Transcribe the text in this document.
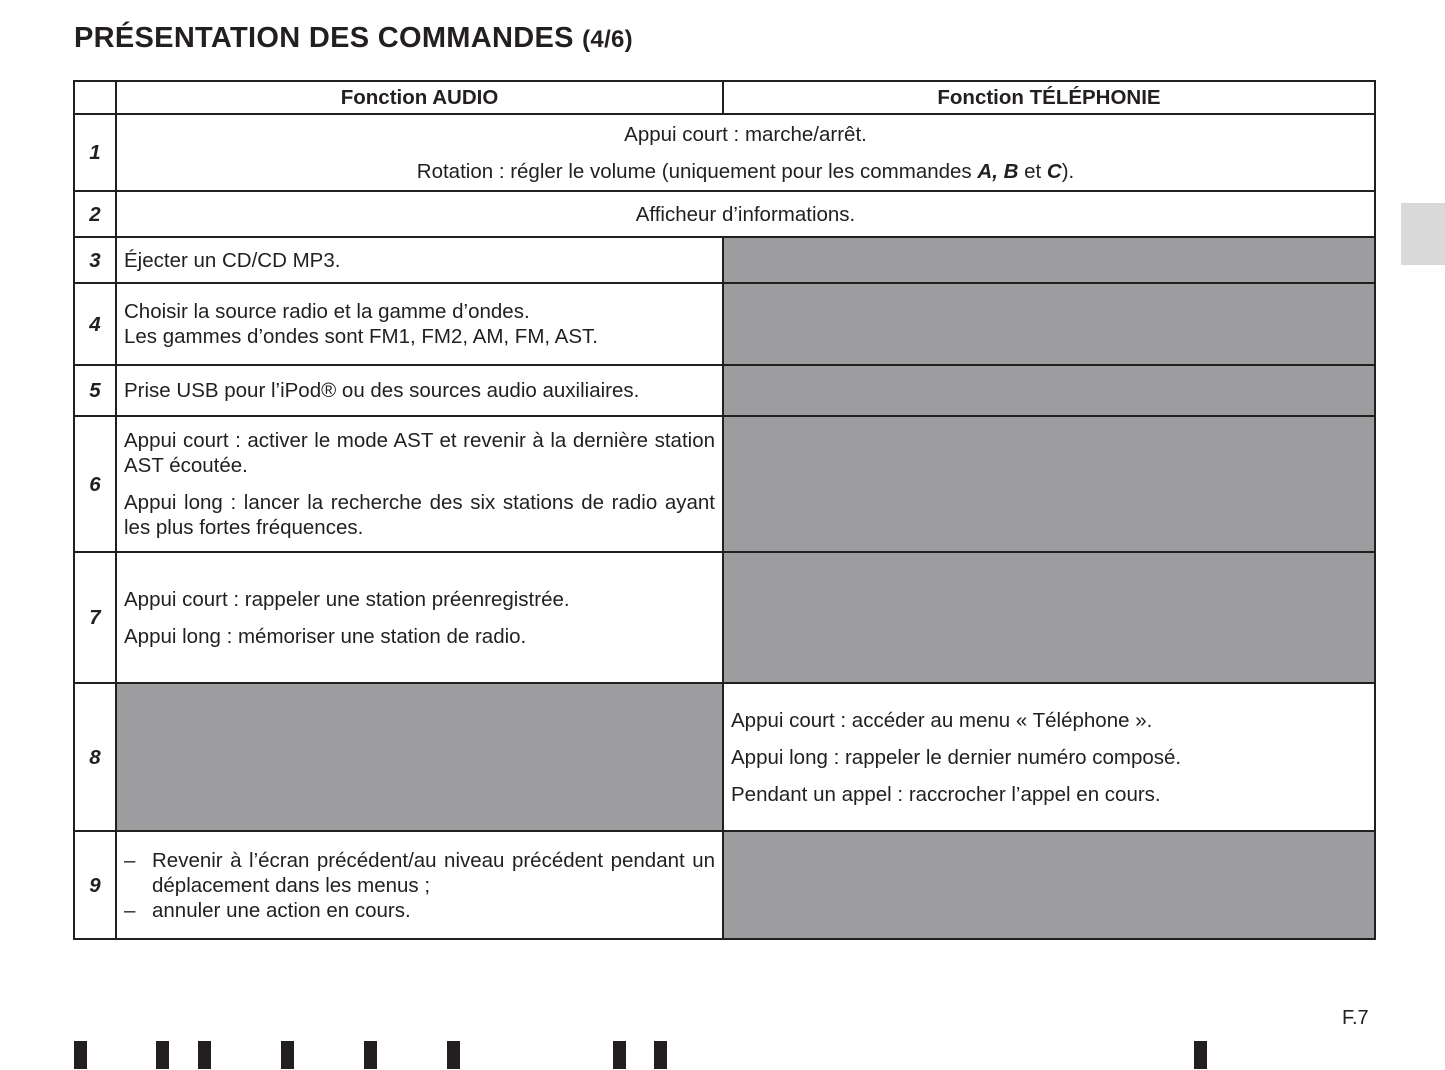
PRÉSENTATION DES COMMANDES (4/6)
	Fonction AUDIO	Fonction TÉLÉPHONIE
1	Appui court : marche/arrêt.

Rotation : régler le volume (uniquement pour les commandes A, B et C).	

2	Afficheur d’informations.	
3	Éjecter un CD/CD MP3.	
4	Choisir la source radio et la gamme d’ondes.

Les gammes d’ondes sont FM1, FM2, AM, FM, AST.	

5	Prise USB pour l’iPod® ou des sources audio auxiliaires.	
6	Appui court : activer le mode AST et revenir à la dernière station AST écoutée.

Appui long : lancer la recherche des six stations de radio ayant les plus fortes fréquences.	

7	Appui court : rappeler une station préenregistrée.

Appui long : mémoriser une station de radio.	

8		Appui court : accéder au menu « Téléphone ».

Appui long : rappeler le dernier numéro composé.

Pendant un appel : raccrocher l’appel en cours.

9	– Revenir à l’écran précédent/au niveau précédent pendant un déplacement dans les menus ;
– annuler une action en cours.	

F.7
